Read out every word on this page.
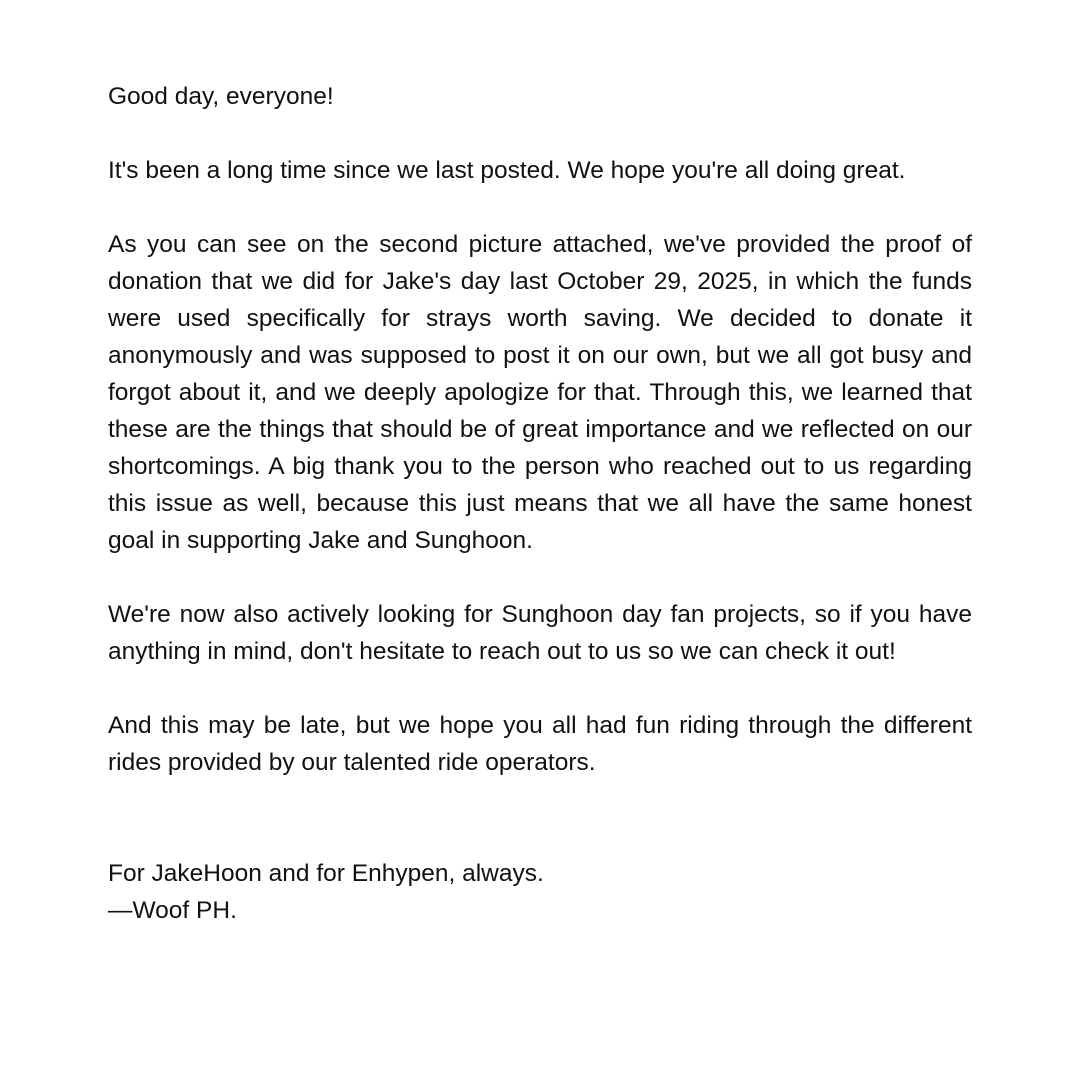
Good day, everyone!

It's been a long time since we last posted. We hope you're all doing great.

As you can see on the second picture attached, we've provided the proof of donation that we did for Jake's day last October 29, 2025, in which the funds were used specifically for strays worth saving. We decided to donate it anonymously and was supposed to post it on our own, but we all got busy and forgot about it, and we deeply apologize for that. Through this, we learned that these are the things that should be of great importance and we reflected on our shortcomings. A big thank you to the person who reached out to us regarding this issue as well, because this just means that we all have the same honest goal in supporting Jake and Sunghoon.

We're now also actively looking for Sunghoon day fan projects, so if you have anything in mind, don't hesitate to reach out to us so we can check it out!

And this may be late, but we hope you all had fun riding through the different rides provided by our talented ride operators.

For JakeHoon and for Enhypen, always.
—Woof PH.
